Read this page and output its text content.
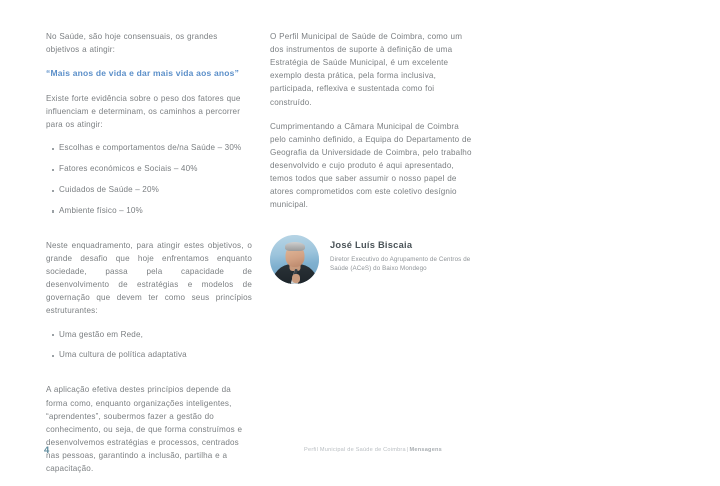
No Saúde, são hoje consensuais, os grandes objetivos a atingir:

“Mais anos de vida e dar mais vida aos anos”

Existe forte evidência sobre o peso dos fatores que influenciam e determinam, os caminhos a percorrer para os atingir:

Escolhas e comportamentos de/na Saúde – 30%
Fatores económicos e Sociais – 40%
Cuidados de Saúde – 20%
Ambiente físico – 10%

Neste enquadramento, para atingir estes objetivos, o grande desafio que hoje enfrentamos enquanto sociedade, passa pela capacidade de desenvolvimento de estratégias e modelos de governação que devem ter como seus princípios estruturantes:

Uma gestão em Rede,
Uma cultura de política adaptativa

A aplicação efetiva destes princípios depende da forma como, enquanto organizações inteligentes, “aprendentes”, soubermos fazer a gestão do conhecimento, ou seja, de que forma construímos e desenvolvemos estratégias e processos, centrados nas pessoas, garantindo a inclusão, partilha e a capacitação.

O Perfil Municipal de Saúde de Coimbra, como um dos instrumentos de suporte à definição de uma Estratégia de Saúde Municipal, é um excelente exemplo desta prática, pela forma inclusiva, participada, reflexiva e sustentada como foi construído.

Cumprimentando a Câmara Municipal de Coimbra pelo caminho definido, a Equipa do Departamento de Geografia da Universidade de Coimbra, pelo trabalho desenvolvido e cujo produto é aqui apresentado, temos todos que saber assumir o nosso papel de atores comprometidos com este coletivo desígnio municipal.

José Luís Biscaia

Diretor Executivo do Agrupamento de Centros de Saúde (ACeS) do Baixo Mondego

4	Perfil Municipal de Saúde de Coimbra|Mensagens
